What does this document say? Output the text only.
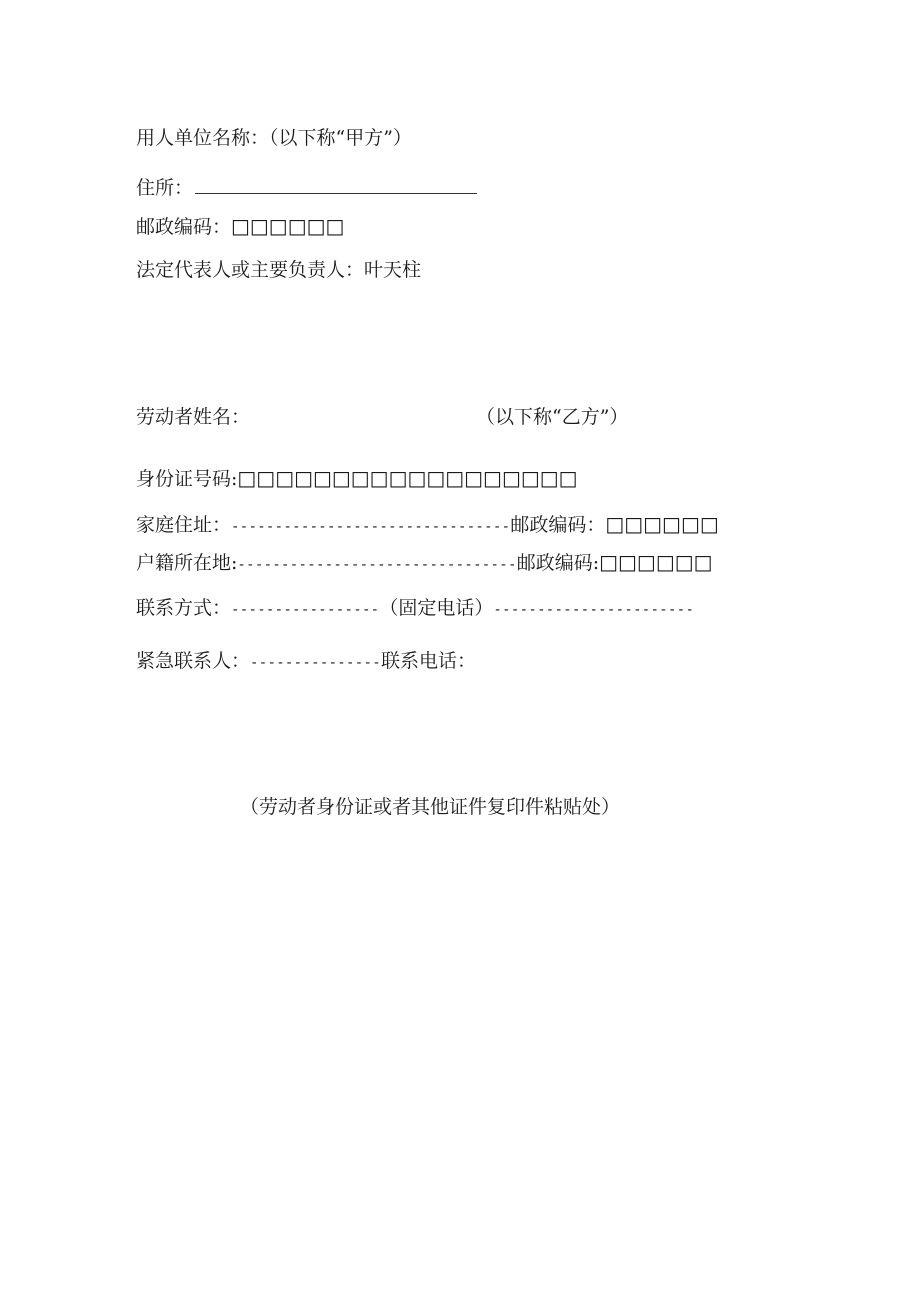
用人单位名称：（以下称“甲方”）
住所：
邮政编码：□□□□□□
法定代表人或主要负责人：叶天柱
劳动者姓名：	（以下称“乙方”）
身份证号码:□□□□□□□□□□□□□□□□□□
家庭住址：--------------------------------邮政编码：□□□□□□
户籍所在地:--------------------------------邮政编码:□□□□□□
联系方式：-----------------（固定电话）-----------------------
紧急联系人：---------------联系电话：
（劳动者身份证或者其他证件复印件粘贴处）
